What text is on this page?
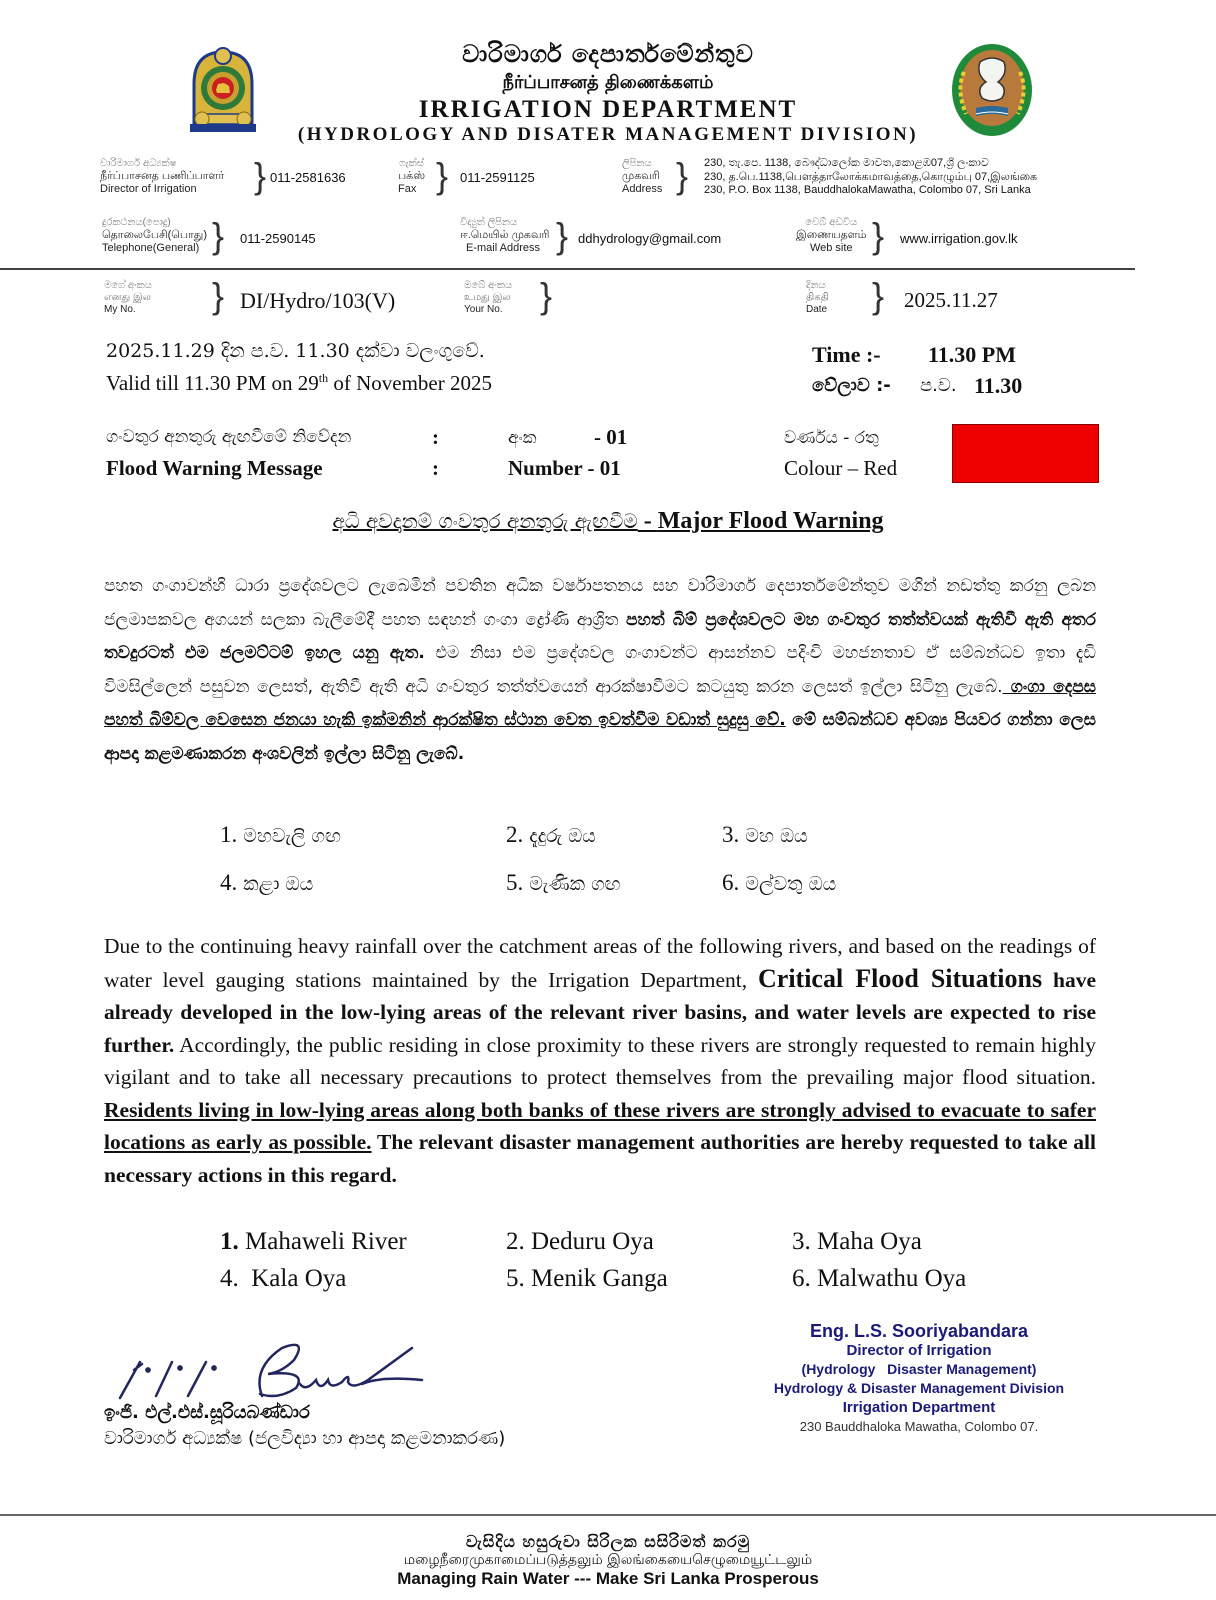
වාරිමාර්ග දෙපාර්තමේන්තුව
நீர்ப்பாசனத் திணைக்களம்
IRRIGATION DEPARTMENT
(HYDROLOGY AND DISATER MANAGEMENT DIVISION)
වාරිමාර්ග අධ්‍යක්ෂ
நீர்ப்பாசனத பணிப்பாளர்
Director of Irrigation	} 011-2581636
ෆැක්ස්
பக்ஸ்
Fax } 011-2591125
ලිපිනය
முகவரி
Address } 230, තැ.පෙ. 1138, බෞද්ධාලෝක මාවත,කොළඹ07,ශ්‍රී ලංකාව
230, த.பெ.1138,பௌத்தாலோக்கமாவத்தை,கொழும்பு 07,இலங்கை
230, P.O. Box 1138, BauddhalokaMawatha, Colombo 07, Sri Lanka
දුරකථනය(පොදු)
தொலைபேசி(பொது)
Telephone(General) } 011-2590145
විද්‍යුත් ලිපිනය
ஈ.மெயில் முகவரி
E-mail Address } ddhydrology@gmail.com
වෙබ් අඩවිය
இணையதளம்
Web site } www.irrigation.gov.lk
මගේ අංකය
எனது இல
My No.	} DI/Hydro/103(V)
ඔබේ අංකය
உமது இல
Your No. }	දිනය
திகதி
Date } 2025.11.27
2025.11.29 දින ප.ව. 11.30 දක්වා වලංගුවේ.
Valid till 11.30 PM on 29th of November 2025
Time :- 11.30 PM
වේලාව :- ප.ව. 11.30
ගංවතුර අනතුරු ඇඟවීමේ නිවේදන	:	අංක	- 01	වර්ණය - රතු
Flood Warning Message	:	Number - 01	Colour – Red
අධි අවදානම් ගංවතුර අනතුරු ඇඟවීම - Major Flood Warning
පහත ගංගාවන්හි ධාරා ප්‍රදේශවලට ලැබෙමින් පවතින අධික වර්ෂාපතනය සහ වාරිමාර්ග දෙපාර්තමේන්තුව මගින් නඩත්තු කරනු ලබන ජලමාපකවල අගයන් සලකා බැලීමේදී පහත සඳහන් ගංගා ද්‍රෝණි ආශ්‍රිත පහත් බිම් ප්‍රදේශවලට මහ ගංවතුර තත්ත්වයක් ඇතිවී ඇති අතර තවදුරටත් එම ජලමට්ටම් ඉහල යනු ඇත. එම නිසා එම ප්‍රදේශවල ගංගාවන්ට ආසන්නව පදිංචි මහජනතාව ඒ සම්බන්ධව ඉතා දැඩි විමසිල්ලෙන් පසුවන ලෙසත්, ඇතිවී ඇති අධි ගංවතුර තත්ත්වයෙන් ආරක්ෂාවීමට කටයුතු කරන ලෙසත් ඉල්ලා සිටිනු ලැබේ. ගංගා දෙපස පහත් බිම්වල වෙසෙන ජනයා හැකි ඉක්මනින් ආරක්ෂිත ස්ථාන වෙත ඉවත්වීම වඩාත් සුදුසු වේ. මේ සම්බන්ධව අවශ්‍ය පියවර ගන්නා ලෙස ආපදා කළමණාකරන අංශවලින් ඉල්ලා සිටිනු ලැබේ.
1. මහවැලි ගඟ	2. දැදුරු ඔය	3. මහ ඔය
4. කළා ඔය	5. මැණික ගඟ	6. මල්වතු ඔය
Due to the continuing heavy rainfall over the catchment areas of the following rivers, and based on the readings of water level gauging stations maintained by the Irrigation Department, Critical Flood Situations have already developed in the low-lying areas of the relevant river basins, and water levels are expected to rise further. Accordingly, the public residing in close proximity to these rivers are strongly requested to remain highly vigilant and to take all necessary precautions to protect themselves from the prevailing major flood situation. Residents living in low-lying areas along both banks of these rivers are strongly advised to evacuate to safer locations as early as possible. The relevant disaster management authorities are hereby requested to take all necessary actions in this regard.
1. Mahaweli River	2. Deduru Oya	3. Maha Oya
4. Kala Oya	5. Menik Ganga	6. Malwathu Oya
ඉංජි. එල්.එස්.සූරියබණ්ඩාර
වාරිමාර්ග අධ්‍යක්ෂ (ජලවිද්‍යා හා ආපදා කළමනාකරණ)
Eng. L.S. Sooriyabandara
Director of Irrigation
(Hydrology   Disaster Management)
Hydrology & Disaster Management Division
Irrigation Department
230 Bauddhaloka Mawatha, Colombo 07.
වැසිදිය හසුරුවා සිරිලක සසිරිමත් කරමු
மழைநீரைமுகாமைப்படுத்தலும் இலங்கையைசெழுமையூட்டலும்
Managing Rain Water --- Make Sri Lanka Prosperous
